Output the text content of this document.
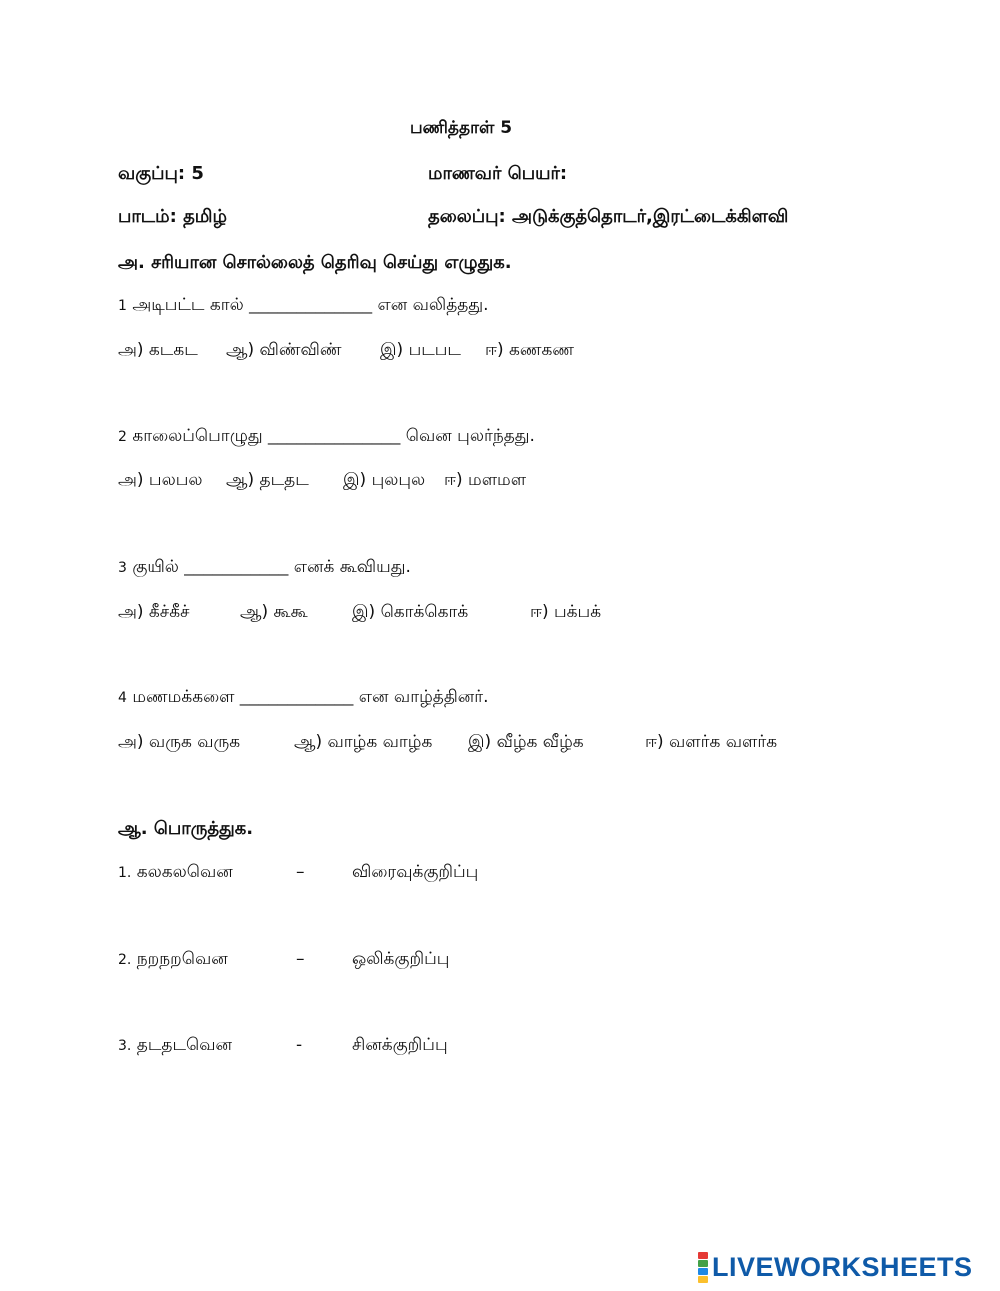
பணித்தாள் 5
வகுப்பு: 5	மாணவர் பெயர்:
பாடம்: தமிழ்	தலைப்பு: அடுக்குத்தொடர்,இரட்டைக்கிளவி
அ. சரியான சொல்லைத் தெரிவு செய்து எழுதுக.
1 அடிபட்ட கால் _____________ என வலித்தது.
அ) கடகட ஆ) விண்விண் இ) படபட ஈ) கணகண
2 காலைப்பொழுது ______________ வென புலர்ந்தது.
அ) பலபல ஆ) தடதட இ) புலபுல ஈ) மளமள
3 குயில் ___________ எனக் கூவியது.
அ) கீச்கீச்	ஆ) கூகூ	இ) கொக்கொக்	ஈ) பக்பக்
4 மணமக்களை ____________ என வாழ்த்தினர்.
அ) வருக வருக	ஆ) வாழ்க வாழ்க இ) வீழ்க வீழ்க	ஈ) வளர்க வளர்க
ஆ. பொருத்துக.
1. கலகலவென	–	விரைவுக்குறிப்பு
2. நறநறவென	–	ஒலிக்குறிப்பு
3. தடதடவென	-	சினக்குறிப்பு
LIVEWORKSHEETS
